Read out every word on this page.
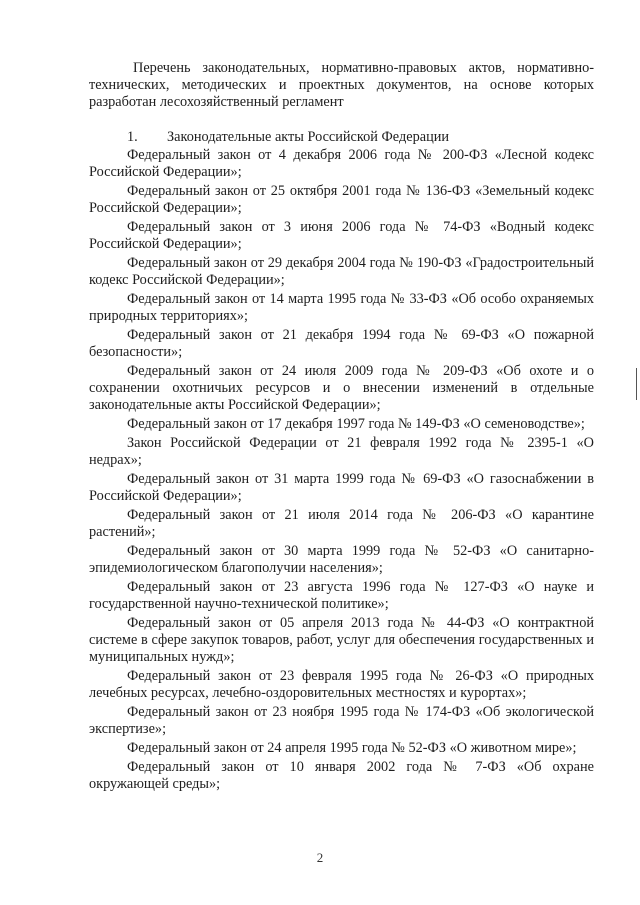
Перечень законодательных, нормативно-правовых актов, нормативно-технических, методических и проектных документов, на основе которых разработан лесохозяйственный регламент

1. Законодательные акты Российской Федерации

Федеральный закон от 4 декабря 2006 года № 200-ФЗ «Лесной кодекс Российской Федерации»;

Федеральный закон от 25 октября 2001 года № 136-ФЗ «Земельный кодекс Российской Федерации»;

Федеральный закон от 3 июня 2006 года № 74-ФЗ «Водный кодекс Российской Федерации»;

Федеральный закон от 29 декабря 2004 года № 190-ФЗ «Градостроительный кодекс Российской Федерации»;

Федеральный закон от 14 марта 1995 года № 33-ФЗ «Об особо охраняемых природных территориях»;

Федеральный закон от 21 декабря 1994 года № 69-ФЗ «О пожарной безопасности»;

Федеральный закон от 24 июля 2009 года № 209-ФЗ «Об охоте и о сохранении охотничьих ресурсов и о внесении изменений в отдельные законодательные акты Российской Федерации»;

Федеральный закон от 17 декабря 1997 года № 149-ФЗ «О семеноводстве»;

Закон Российской Федерации от 21 февраля 1992 года № 2395-1 «О недрах»;

Федеральный закон от 31 марта 1999 года № 69-ФЗ «О газоснабжении в Российской Федерации»;

Федеральный закон от 21 июля 2014 года № 206-ФЗ «О карантине растений»;

Федеральный закон от 30 марта 1999 года № 52-ФЗ «О санитарно-эпидемиологическом благополучии населения»;

Федеральный закон от 23 августа 1996 года № 127-ФЗ «О науке и государственной научно-технической политике»;

Федеральный закон от 05 апреля 2013 года № 44-ФЗ «О контрактной системе в сфере закупок товаров, работ, услуг для обеспечения государственных и муниципальных нужд»;

Федеральный закон от 23 февраля 1995 года № 26-ФЗ «О природных лечебных ресурсах, лечебно-оздоровительных местностях и курортах»;

Федеральный закон от 23 ноября 1995 года № 174-ФЗ «Об экологической экспертизе»;

Федеральный закон от 24 апреля 1995 года № 52-ФЗ «О животном мире»;

Федеральный закон от 10 января 2002 года № 7-ФЗ «Об охране окружающей среды»;

2
